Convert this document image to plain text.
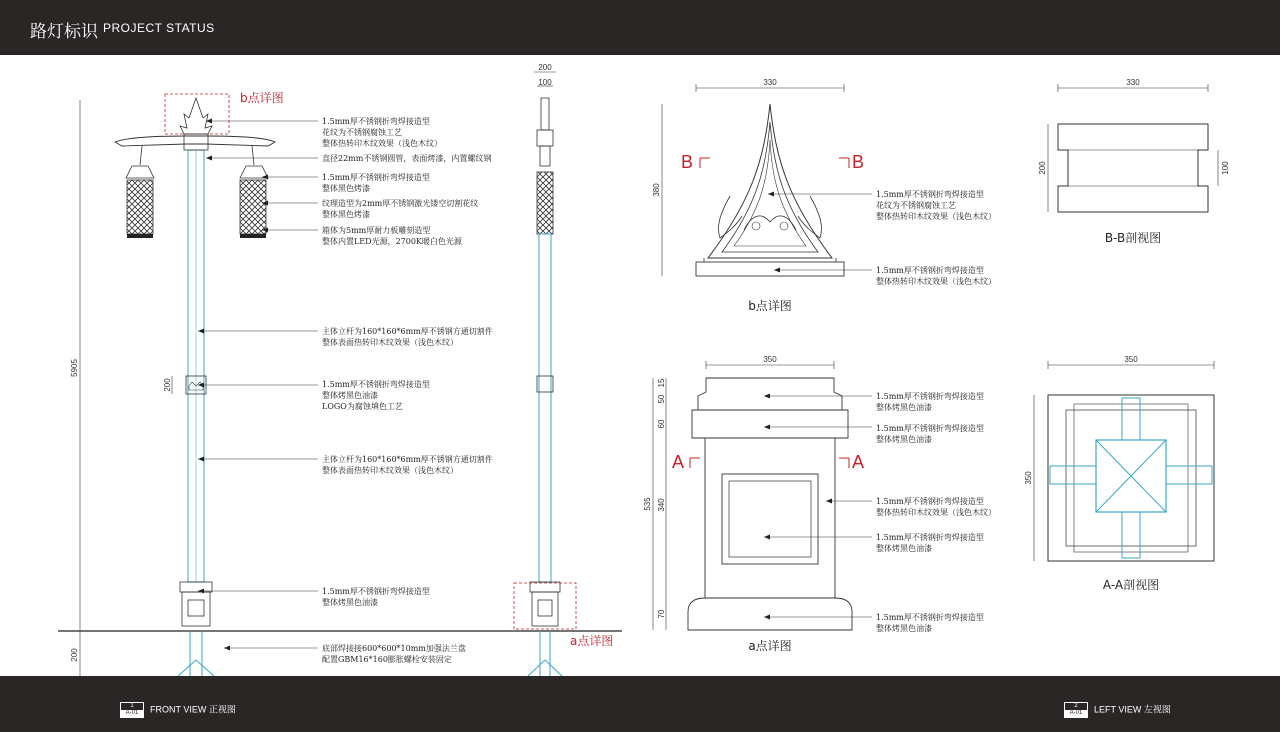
路灯标识 PROJECT STATUS
b点详图
5905
200
200
1.5mm厚不锈钢折弯焊接造型
花纹为不锈钢腐蚀工艺
整体热转印木纹效果（浅色木纹）
直径22mm不锈钢圆管，表面烤漆，内置螺纹钢
1.5mm厚不锈钢折弯焊接造型
整体黑色烤漆
纹理造型为2mm厚不锈钢激光镂空切割花纹
整体黑色烤漆
箱体为5mm厚耐力板雕刻造型
整体内置LED光源，2700K暖白色光源
主体立杆为160*160*6mm厚不锈钢方通切割件
整体表面热转印木纹效果（浅色木纹）
1.5mm厚不锈钢折弯焊接造型
整体烤黑色油漆
LOGO为腐蚀填色工艺
主体立杆为160*160*6mm厚不锈钢方通切割件
整体表面热转印木纹效果（浅色木纹）
1.5mm厚不锈钢折弯焊接造型
整体烤黑色油漆
底部焊接接600*600*10mm加强法兰盘
配置GBM16*160膨胀螺栓安装固定
200
100
a点详图
330
380
B	B
b点详图
1.5mm厚不锈钢折弯焊接造型
花纹为不锈钢腐蚀工艺
整体热转印木纹效果（浅色木纹）
1.5mm厚不锈钢折弯焊接造型
整体热转印木纹效果（浅色木纹）
350
535
15
50
60
340
70
A	A
a点详图
1.5mm厚不锈钢折弯焊接造型
整体烤黑色油漆
1.5mm厚不锈钢折弯焊接造型
整体烤黑色油漆
1.5mm厚不锈钢折弯焊接造型
整体热转印木纹效果（浅色木纹）
1.5mm厚不锈钢折弯焊接造型
整体烤黑色油漆
1.5mm厚不锈钢折弯焊接造型
整体烤黑色油漆
330
200	100
B-B剖视图
350
350
A-A剖视图
1
A-01	FRONT VIEW 正视图	2
A-01	LEFT VIEW 左视图
